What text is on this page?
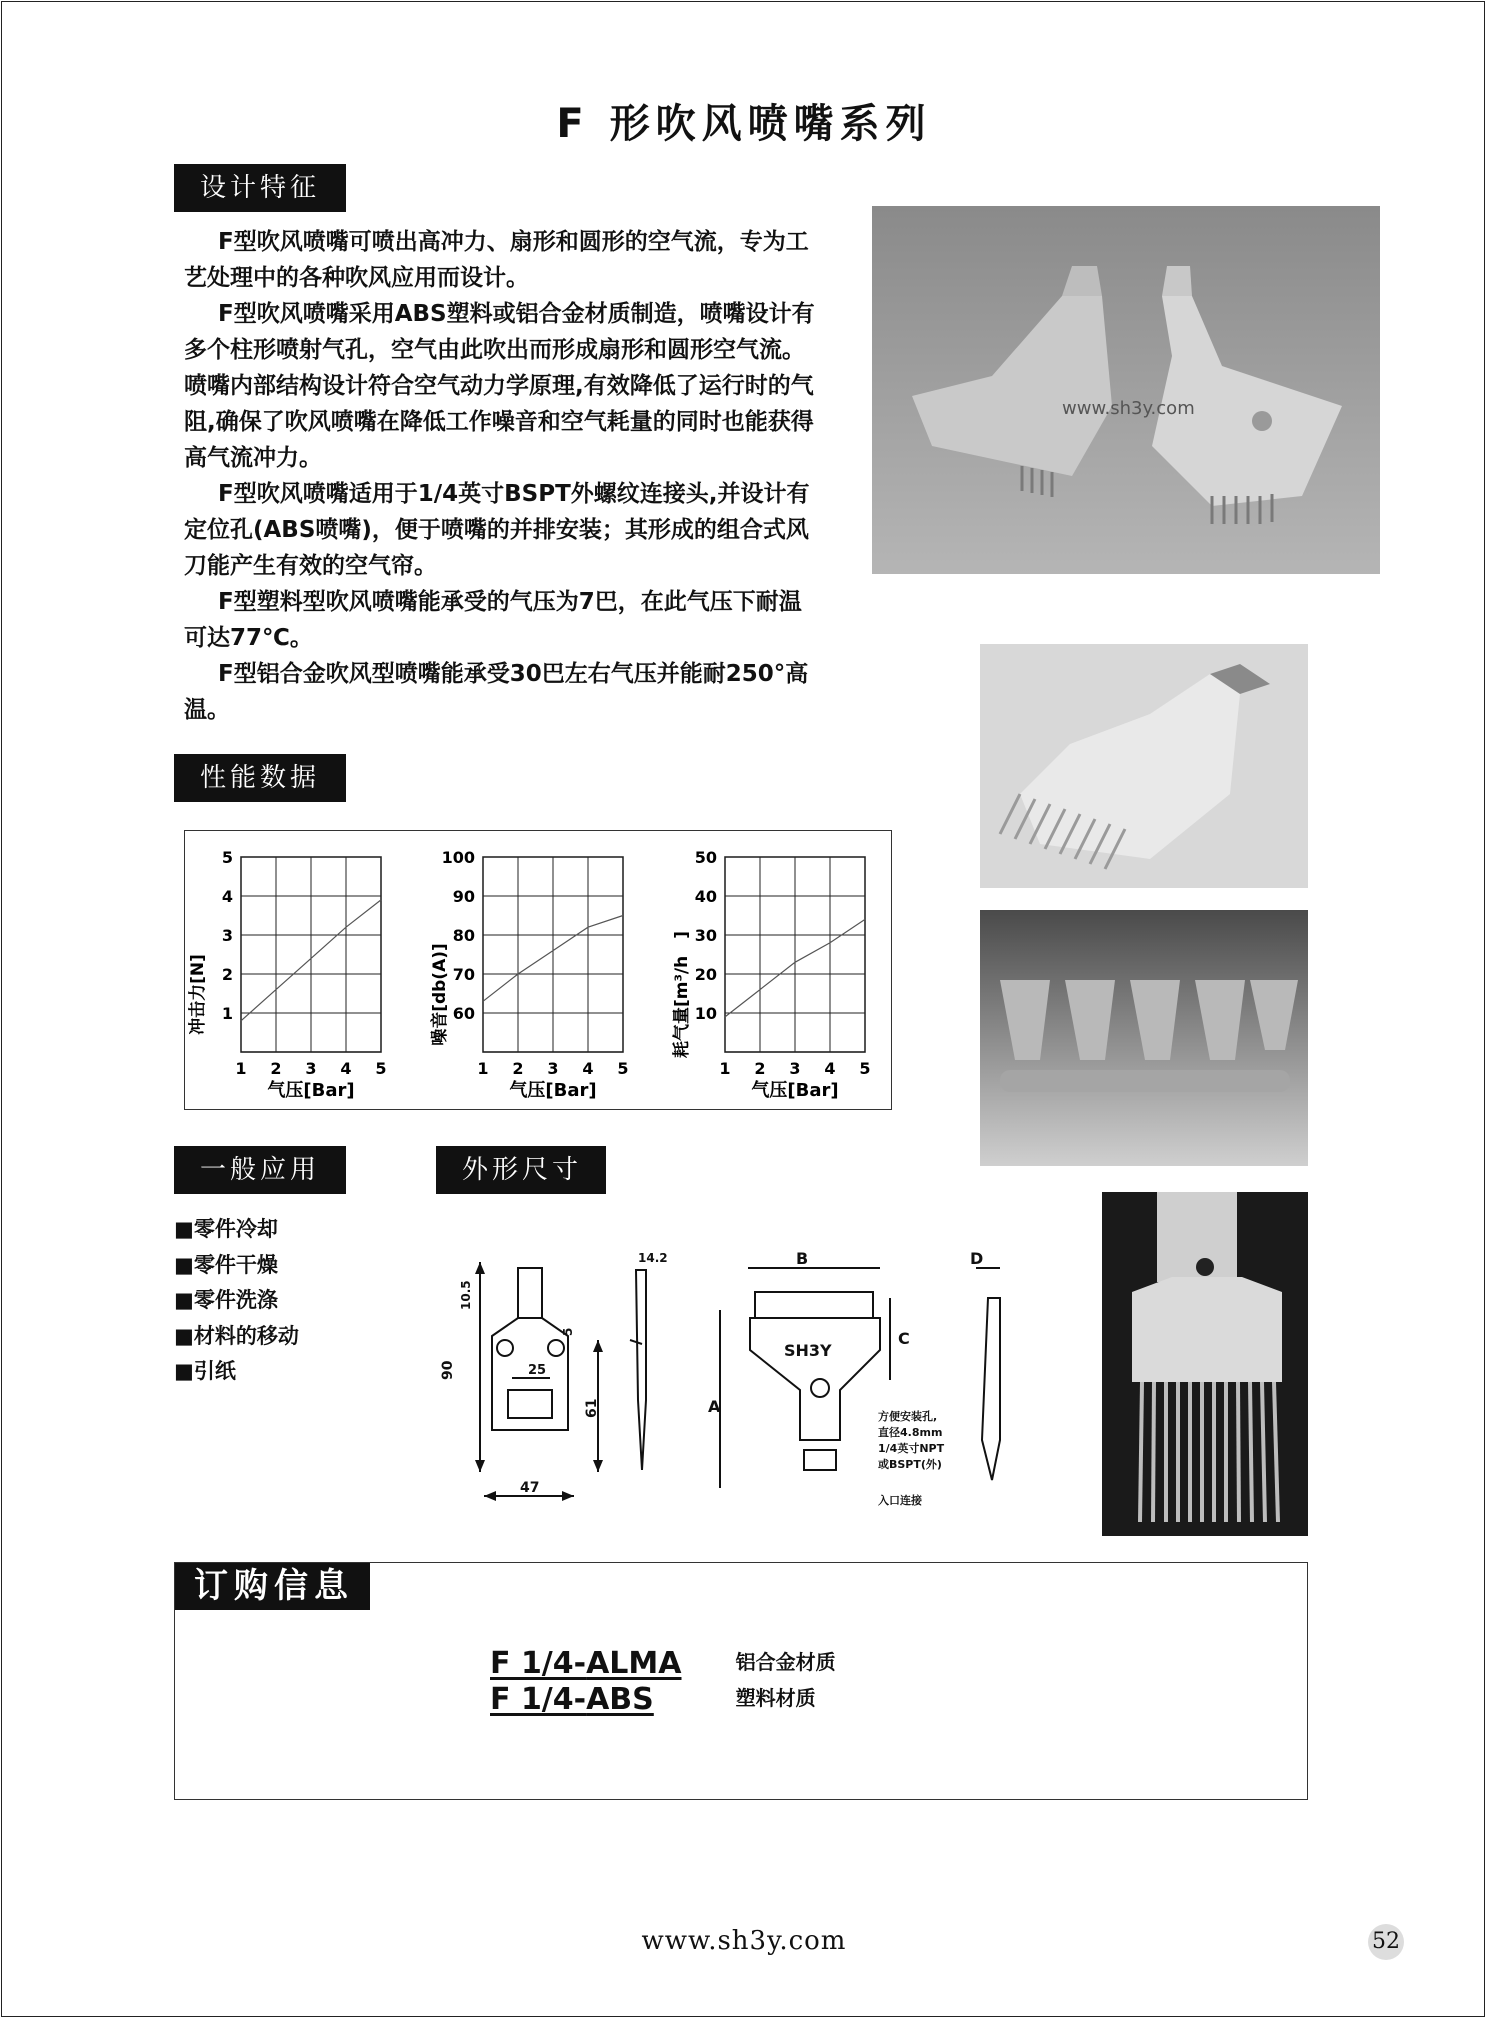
F 形吹风喷嘴系列
设计特征
性能数据
一般应用	外形尺寸
订购信息

F型吹风喷嘴可喷出高冲力、扇形和圆形的空气流，专为工艺处理中的各种吹风应用而设计。

F型吹风喷嘴采用ABS塑料或铝合金材质制造，喷嘴设计有多个柱形喷射气孔，空气由此吹出而形成扇形和圆形空气流。喷嘴内部结构设计符合空气动力学原理,有效降低了运行时的气阻,确保了吹风喷嘴在降低工作噪音和空气耗量的同时也能获得高气流冲力。

F型吹风喷嘴适用于1/4英寸BSPT外螺纹连接头,并设计有 定位孔(ABS喷嘴)，便于喷嘴的并排安装；其形成的组合式风刀能产生有效的空气帘。

F型塑料型吹风喷嘴能承受的气压为7巴，在此气压下耐温可达77℃。

F型铝合金吹风型喷嘴能承受30巴左右气压并能耐250°高温。

www.sh3y.com
1 2 3 4 5
1
2
3
4
5
气压[Bar]
冲击力[N]
1 2 3 4 5
60
70
80
90
100
气压[Bar]
噪音[db(A)]
1 2 3 4 5
10
20
30
40
50
气压[Bar]
耗气量[m³/h　]
■零件冷却
■零件干燥
■零件洗涤
■材料的移动
■引纸	90
61
25
47
10.5
5
14.2	B
C
A
D
SH3Y
方便安装孔,
直径4.8mm
1/4英寸NPT
或BSPT(外)
入口连接
F 1/4-ALMA	铝合金材质
F 1/4-ABS	塑料材质
www.sh3y.com	52
